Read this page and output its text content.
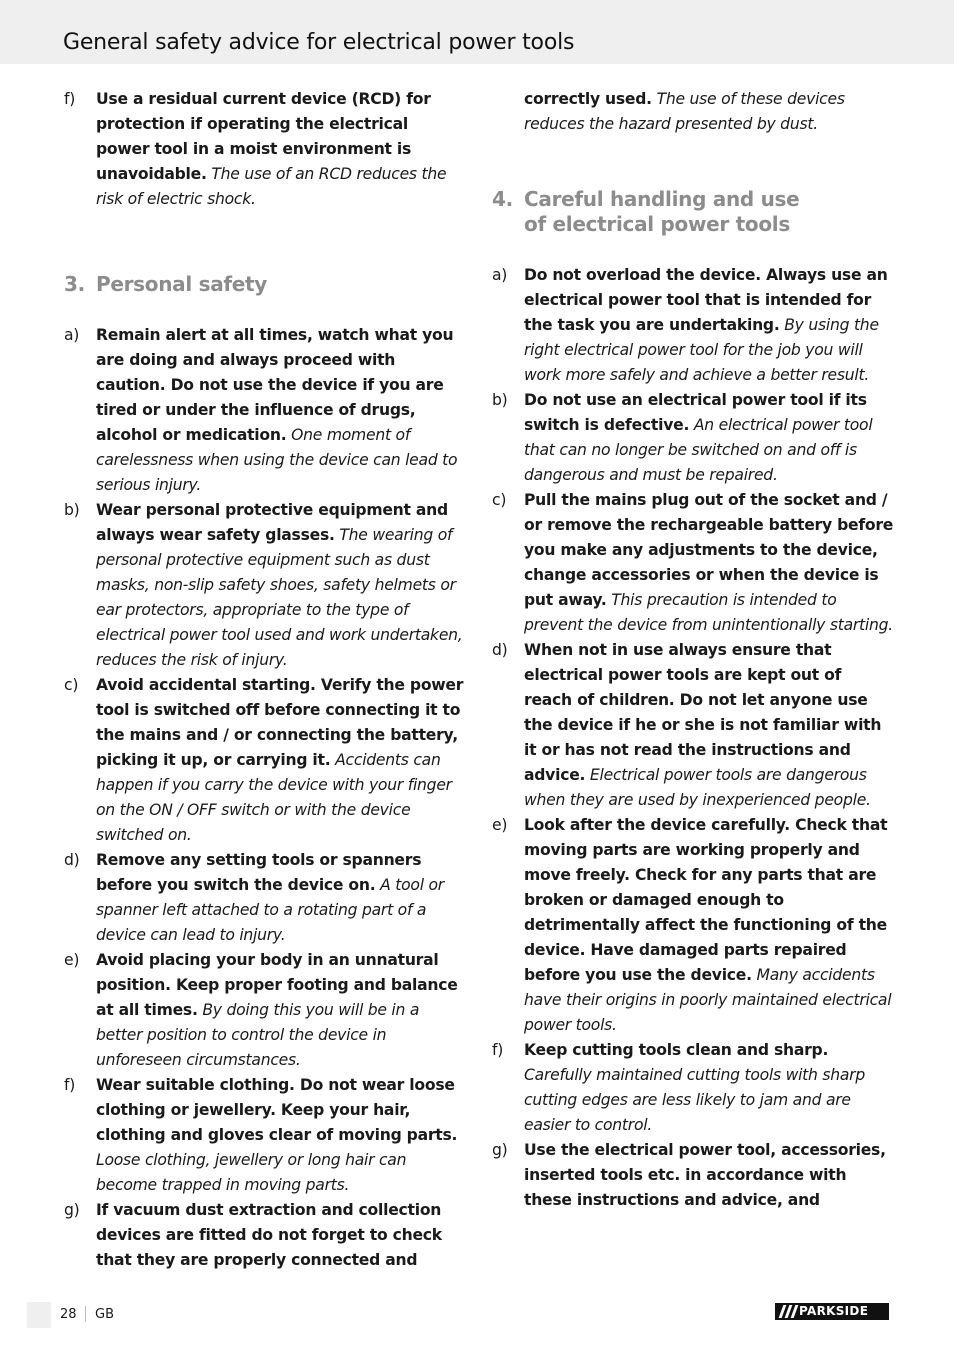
General safety advice for electrical power tools
f)	Use a residual current device (RCD) for protection if operating the electrical power tool in a moist environment is unavoidable. The use of an RCD reduces the risk of electric shock.
3. Personal safety
a)	Remain alert at all times, watch what you are doing and always proceed with caution. Do not use the device if you are tired or under the influence of drugs, alcohol or medication. One moment of carelessness when using the device can lead to serious injury.
b)	Wear personal protective equipment and always wear safety glasses. The wearing of personal protective equipment such as dust masks, non-slip safety shoes, safety helmets or ear protectors, appropriate to the type of electrical power tool used and work undertaken, reduces the risk of injury.
c)	Avoid accidental starting. Verify the power tool is switched off before connecting it to the mains and / or connecting the battery, picking it up, or carrying it. Accidents can happen if you carry the device with your finger on the ON / OFF switch or with the device switched on.
d)	Remove any setting tools or spanners before you switch the device on. A tool or spanner left attached to a rotating part of a device can lead to injury.
e)	Avoid placing your body in an unnatural position. Keep proper footing and balance at all times. By doing this you will be in a better position to control the device in unforeseen circumstances.
f)	Wear suitable clothing. Do not wear loose clothing or jewellery. Keep your hair, clothing and gloves clear of moving parts. Loose clothing, jewellery or long hair can become trapped in moving parts.
g)	If vacuum dust extraction and collection devices are fitted do not forget to check that they are properly connected and
correctly used. The use of these devices reduces the hazard presented by dust.
4. Careful handling and use
of electrical power tools
a)	Do not overload the device. Always use an electrical power tool that is intended for the task you are undertaking. By using the right electrical power tool for the job you will work more safely and achieve a better result.
b)	Do not use an electrical power tool if its switch is defective. An electrical power tool that can no longer be switched on and off is dangerous and must be repaired.
c)	Pull the mains plug out of the socket and / or remove the rechargeable battery before you make any adjustments to the device, change accessories or when the device is put away. This precaution is intended to prevent the device from unintentionally starting.
d)	When not in use always ensure that electrical power tools are kept out of reach of children. Do not let anyone use the device if he or she is not familiar with it or has not read the instructions and advice. Electrical power tools are dangerous when they are used by inexperienced people.
e)	Look after the device carefully. Check that moving parts are working properly and move freely. Check for any parts that are broken or damaged enough to detrimentally affect the functioning of the device. Have damaged parts repaired before you use the device. Many accidents have their origins in poorly maintained electrical power tools.
f)	Keep cutting tools clean and sharp. Carefully maintained cutting tools with sharp cutting edges are less likely to jam and are easier to control.
g)	Use the electrical power tool, accessories, inserted tools etc. in accordance with these instructions and advice, and
28 GB	PARKSIDE
